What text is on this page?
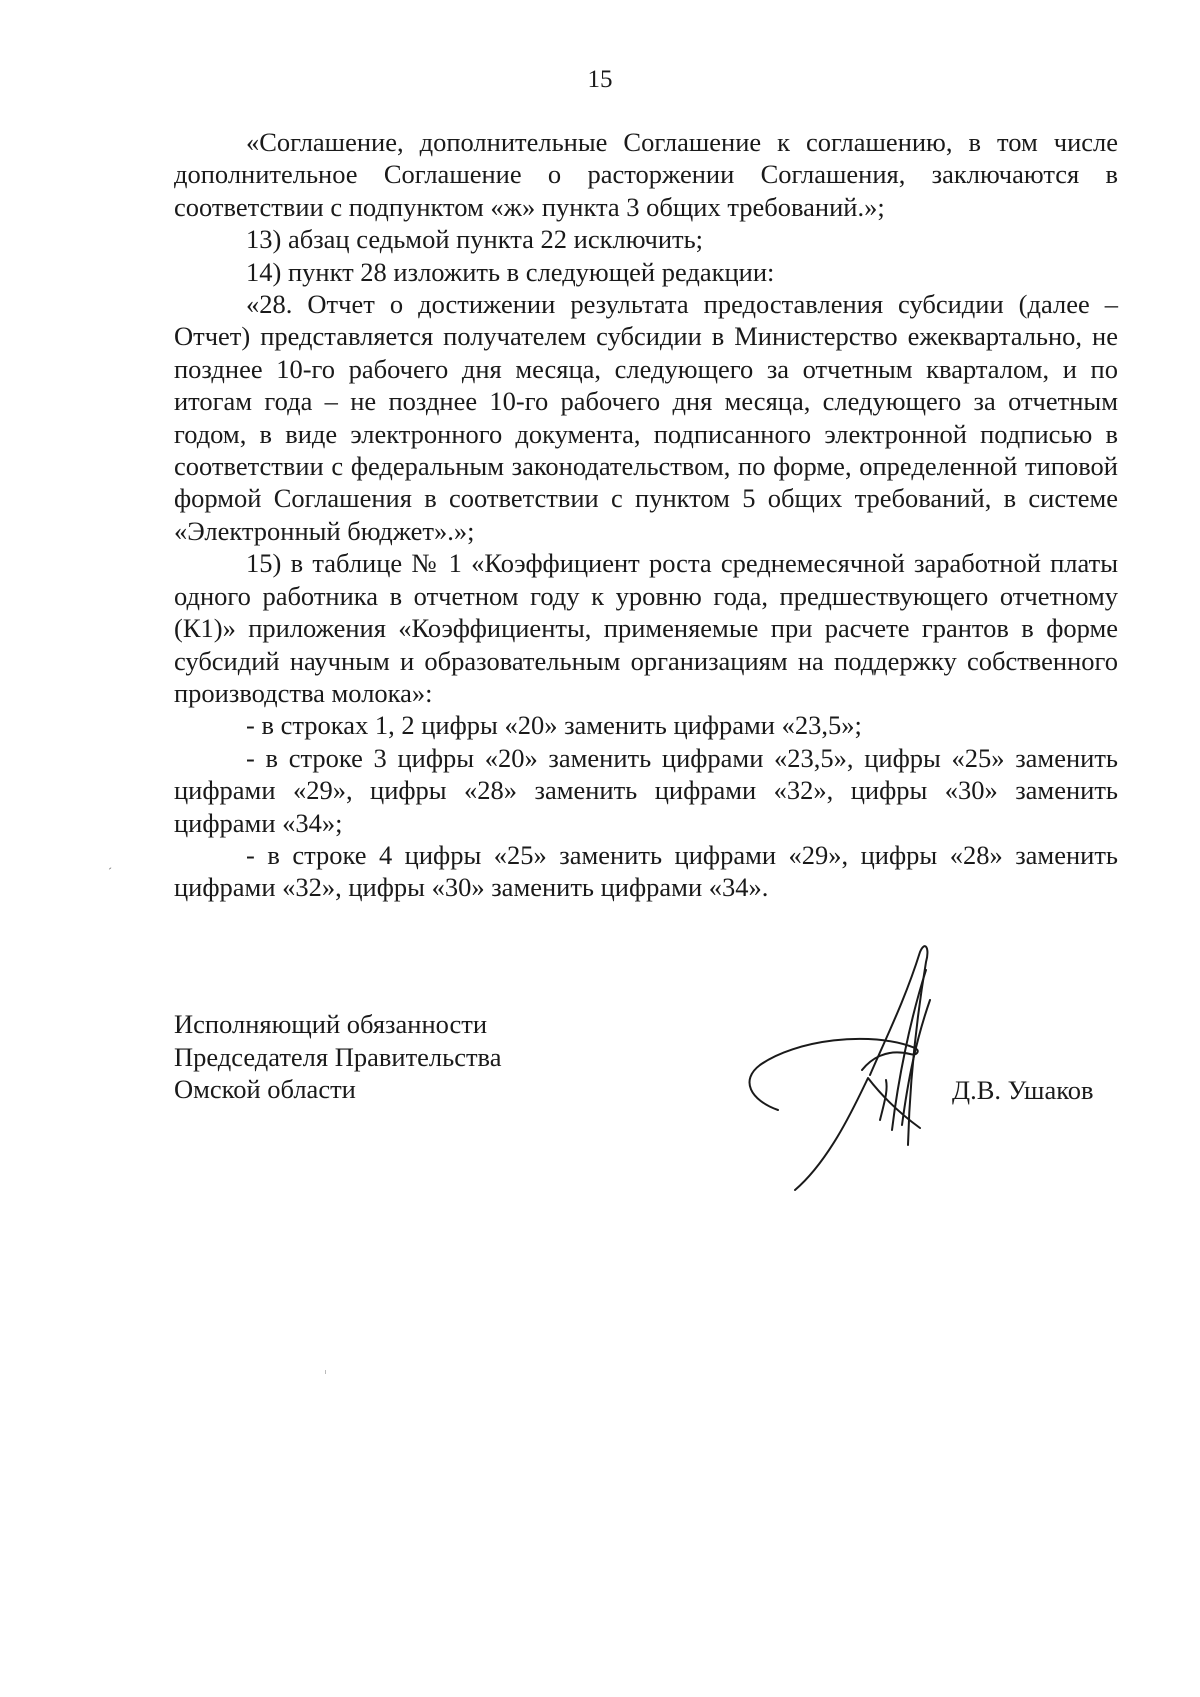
15

«Соглашение, дополнительные Соглашение к соглашению, в том числе дополнительное Соглашение о расторжении Соглашения, заключаются в соответствии с подпунктом «ж» пункта 3 общих требований.»;

13) абзац седьмой пункта 22 исключить;

14) пункт 28 изложить в следующей редакции:

«28. Отчет о достижении результата предоставления субсидии (далее – Отчет) представляется получателем субсидии в Министерство ежеквартально, не позднее 10-го рабочего дня месяца, следующего за отчетным кварталом, и по итогам года – не позднее 10-го рабочего дня месяца, следующего за отчетным годом, в виде электронного документа, подписанного электронной подписью в соответствии с федеральным законодательством, по форме, определенной типовой формой Соглашения в соответствии с пунктом 5 общих требований, в системе «Электронный бюджет».»;

15) в таблице № 1 «Коэффициент роста среднемесячной заработной платы одного работника в отчетном году к уровню года, предшествующего отчетному (К1)» приложения «Коэффициенты, применяемые при расчете грантов в форме субсидий научным и образовательным организациям на поддержку собственного производства молока»:

- в строках 1, 2 цифры «20» заменить цифрами «23,5»;

- в строке 3 цифры «20» заменить цифрами «23,5», цифры «25» заменить цифрами «29», цифры «28» заменить цифрами «32», цифры «30» заменить цифрами «34»;

- в строке 4 цифры «25» заменить цифрами «29», цифры «28» заменить цифрами «32», цифры «30» заменить цифрами «34».

Исполняющий обязанности
Председателя Правительства
Омской области	Д.В. Ушаков
ˊ
